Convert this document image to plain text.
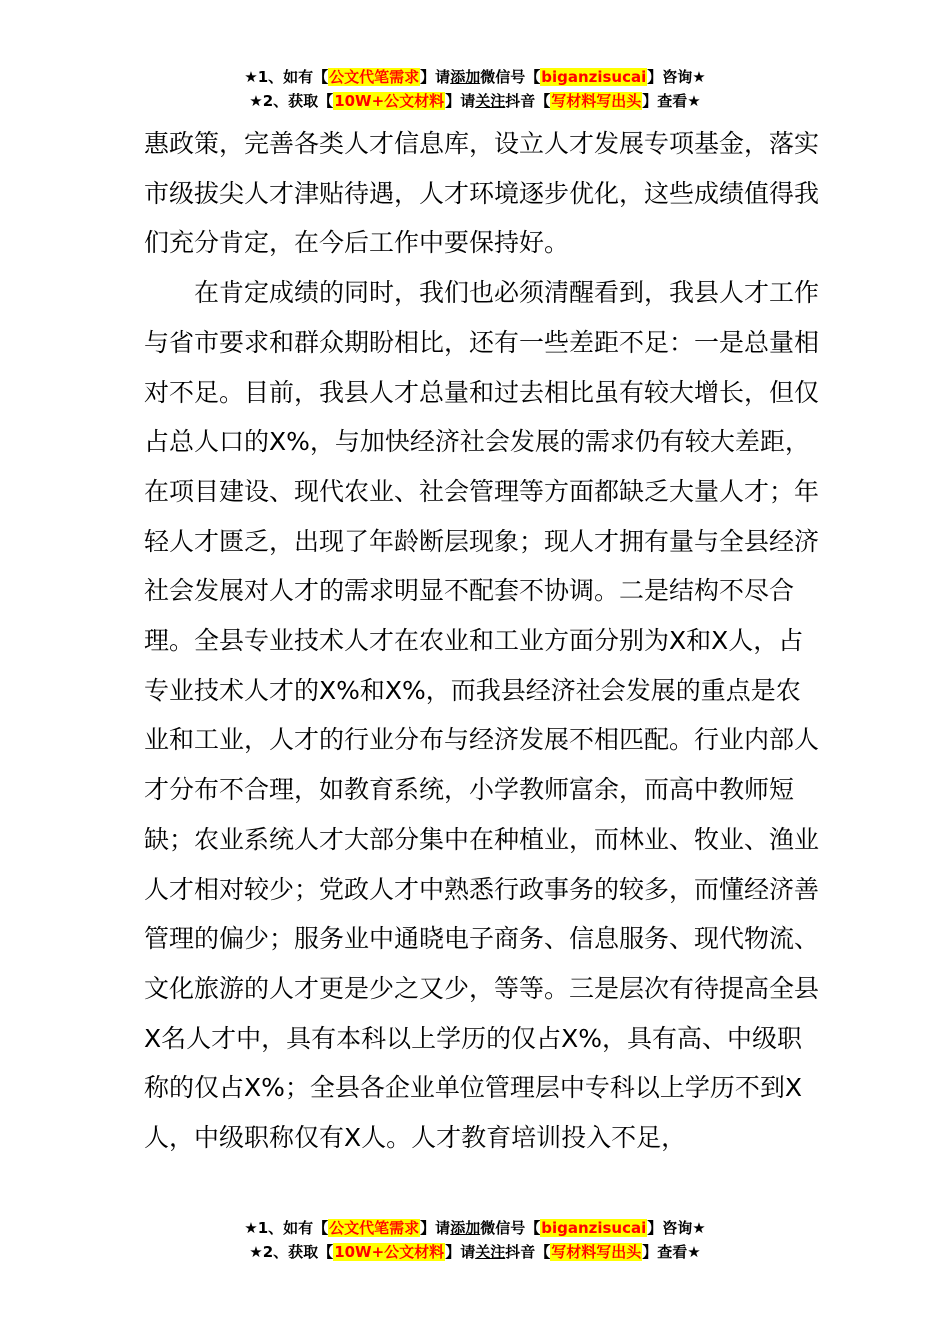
★1、如有【公文代笔需求】请添加微信号【biganzisucai】咨询★
★2、获取【10W+公文材料】请关注抖音【写材料写出头】查看★

惠政策，完善各类人才信息库，设立人才发展专项基金，落实市级拔尖人才津贴待遇，人才环境逐步优化，这些成绩值得我们充分肯定，在今后工作中要保持好。

在肯定成绩的同时，我们也必须清醒看到，我县人才工作与省市要求和群众期盼相比，还有一些差距不足：一是总量相对不足。目前，我县人才总量和过去相比虽有较大增长，但仅占总人口的X%，与加快经济社会发展的需求仍有较大差距，在项目建设、现代农业、社会管理等方面都缺乏大量人才；年轻人才匮乏，出现了年龄断层现象；现人才拥有量与全县经济社会发展对人才的需求明显不配套不协调。二是结构不尽合理。全县专业技术人才在农业和工业方面分别为X和X人，占专业技术人才的X%和X%，而我县经济社会发展的重点是农业和工业，人才的行业分布与经济发展不相匹配。行业内部人才分布不合理，如教育系统，小学教师富余，而高中教师短缺；农业系统人才大部分集中在种植业，而林业、牧业、渔业人才相对较少；党政人才中熟悉行政事务的较多，而懂经济善管理的偏少；服务业中通晓电子商务、信息服务、现代物流、文化旅游的人才更是少之又少，等等。三是层次有待提高全县X名人才中，具有本科以上学历的仅占X%，具有高、中级职称的仅占X%；全县各企业单位管理层中专科以上学历不到X人，中级职称仅有X人。人才教育培训投入不足，

★1、如有【公文代笔需求】请添加微信号【biganzisucai】咨询★
★2、获取【10W+公文材料】请关注抖音【写材料写出头】查看★
